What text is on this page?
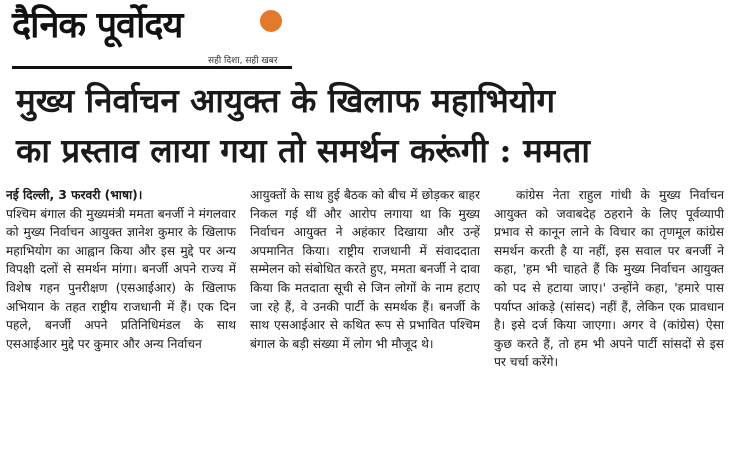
दैनिक पूर्वोदय
सही दिशा, सही खबर
मुख्य निर्वाचन आयुक्त के खिलाफ महाभियोग
का प्रस्ताव लाया गया तो समर्थन करूंगी : ममता
नई दिल्ली, 3 फरवरी (भाषा)।
पश्चिम बंगाल की मुख्यमंत्री ममता बनर्जी ने मंगलवार को मुख्य निर्वाचन आयुक्त ज्ञानेश कुमार के खिलाफ महाभियोग का आह्वान किया और इस मुद्दे पर अन्य विपक्षी दलों से समर्थन मांगा। बनर्जी अपने राज्य में विशेष गहन पुनरीक्षण (एसआईआर) के खिलाफ अभियान के तहत राष्ट्रीय राजधानी में हैं। एक दिन पहले, बनर्जी अपने प्रतिनिधिमंडल के साथ एसआईआर मुद्दे पर कुमार और अन्य निर्वाचन
आयुक्तों के साथ हुई बैठक को बीच में छोड़कर बाहर निकल गई थीं और आरोप लगाया था कि मुख्य निर्वाचन आयुक्त ने अहंकार दिखाया और उन्हें अपमानित किया। राष्ट्रीय राजधानी में संवाददाता सम्मेलन को संबोधित करते हुए, ममता बनर्जी ने दावा किया कि मतदाता सूची से जिन लोगों के नाम हटाए जा रहे हैं, वे उनकी पार्टी के समर्थक हैं। बनर्जी के साथ एसआईआर से कथित रूप से प्रभावित पश्चिम बंगाल के बड़ी संख्या में लोग भी मौजूद थे।
कांग्रेस नेता राहुल गांधी के मुख्य निर्वाचन आयुक्त को जवाबदेह ठहराने के लिए पूर्वव्यापी प्रभाव से कानून लाने के विचार का तृणमूल कांग्रेस समर्थन करती है या नहीं, इस सवाल पर बनर्जी ने कहा, 'हम भी चाहते हैं कि मुख्य निर्वाचन आयुक्त को पद से हटाया जाए।' उन्होंने कहा, 'हमारे पास पर्याप्त आंकड़े (सांसद) नहीं हैं, लेकिन एक प्रावधान है। इसे दर्ज किया जाएगा। अगर वे (कांग्रेस) ऐसा कुछ करते हैं, तो हम भी अपने पार्टी सांसदों से इस पर चर्चा करेंगे।
